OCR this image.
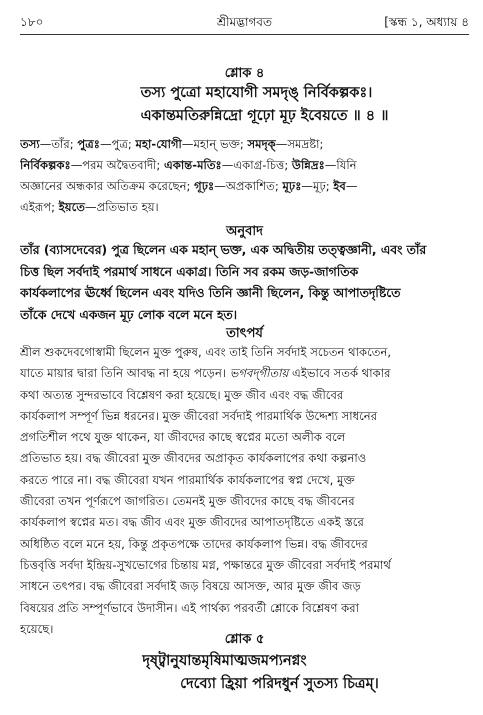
১৮০	শ্রীমদ্ভাগবত	[স্কন্ধ ১, অধ্যায় ৪
শ্লোক ৪
তস্য পুত্রো মহাযোগী সমদৃঙ্‌ নির্বিকল্পকঃ।
একান্তমতিরুন্নিদ্রো গূঢ়ো মূঢ় ইবেয়তে ॥ ৪ ॥
তস্য—তাঁর; পুত্রঃ—পুত্র; মহা-যোগী—মহান্‌ ভক্ত; সমদৃক্‌—সমদ্রষ্টা;
নির্বিকল্পকঃ—পরম অদ্বৈতবাদী; একান্ত-মতিঃ—একাগ্র-চিত্ত; উন্নিদ্রঃ—যিনি
অজ্ঞানের অন্ধকার অতিক্রম করেছেন; গূঢ়ঃ—অপ্রকাশিত; মূঢ়ঃ—মূঢ়; ইব—
এইরূপ; ইয়তে—প্রতিভাত হয়।
অনুবাদ
তাঁর (ব্যাসদেবের) পুত্র ছিলেন এক মহান্‌ ভক্ত, এক অদ্বিতীয় তত্ত্বজ্ঞানী, এবং তাঁর
চিত্ত ছিল সর্বদাই পরমার্থ সাধনে একাগ্র। তিনি সব রকম জড়-জাগতিক
কার্যকলাপের ঊর্ধ্বে ছিলেন এবং যদিও তিনি জ্ঞানী ছিলেন, কিন্তু আপাতদৃষ্টিতে
তাঁকে দেখে একজন মূঢ় লোক বলে মনে হত।
তাৎপর্য
শ্রীল শুকদেবগোস্বামী ছিলেন মুক্ত পুরুষ, এবং তাই তিনি সর্বদাই সচেতন থাকতেন,
যাতে মায়ার দ্বারা তিনি আবদ্ধ না হয়ে পড়েন। ভগবদ্‌গীতায় এইভাবে সতর্ক থাকার
কথা অত্যন্ত সুন্দরভাবে বিশ্লেষণ করা হয়েছে। মুক্ত জীব এবং বদ্ধ জীবের
কার্যকলাপ সম্পূর্ণ ভিন্ন ধরনের। মুক্ত জীবেরা সর্বদাই পারমার্থিক উদ্দেশ্য সাধনের
প্রগতিশীল পথে যুক্ত থাকেন, যা জীবদের কাছে স্বপ্নের মতো অলীক বলে
প্রতিভাত হয়। বদ্ধ জীবেরা মুক্ত জীবদের অপ্রাকৃত কার্যকলাপের কথা কল্পনাও
করতে পারে না। বদ্ধ জীবেরা যখন পারমার্থিক কার্যকলাপের স্বপ্ন দেখে, মুক্ত
জীবেরা তখন পূর্ণরূপে জাগরিত। তেমনই মুক্ত জীবদের কাছে বদ্ধ জীবনের
কার্যকলাপ স্বপ্নের মত। বদ্ধ জীব এবং মুক্ত জীবদের আপাতদৃষ্টিতে একই স্তরে
অধিষ্ঠিত বলে মনে হয়, কিন্তু প্রকৃতপক্ষে তাদের কার্যকলাপ ভিন্ন। বদ্ধ জীবদের
চিত্তবৃত্তি সর্বদা ইন্দ্রিয়-সুখভোগের চিন্তায় মগ্ন, পক্ষান্তরে মুক্ত জীবেরা সর্বদাই পরমার্থ
সাধনে তৎপর। বদ্ধ জীবেরা সর্বদাই জড় বিষয়ে আসক্ত, আর মুক্ত জীব জড়
বিষয়ের প্রতি সম্পূর্ণভাবে উদাসীন। এই পার্থক্য পরবর্তী শ্লোকে বিশ্লেষণ করা
হয়েছে।
শ্লোক ৫
দৃষ্ট্বানুযান্তমৃষিমাত্মজমপ্যনগ্নং
দেব্যো হ্রিয়া পরিদধুর্ন সুতস্য চিত্রম্‌।
